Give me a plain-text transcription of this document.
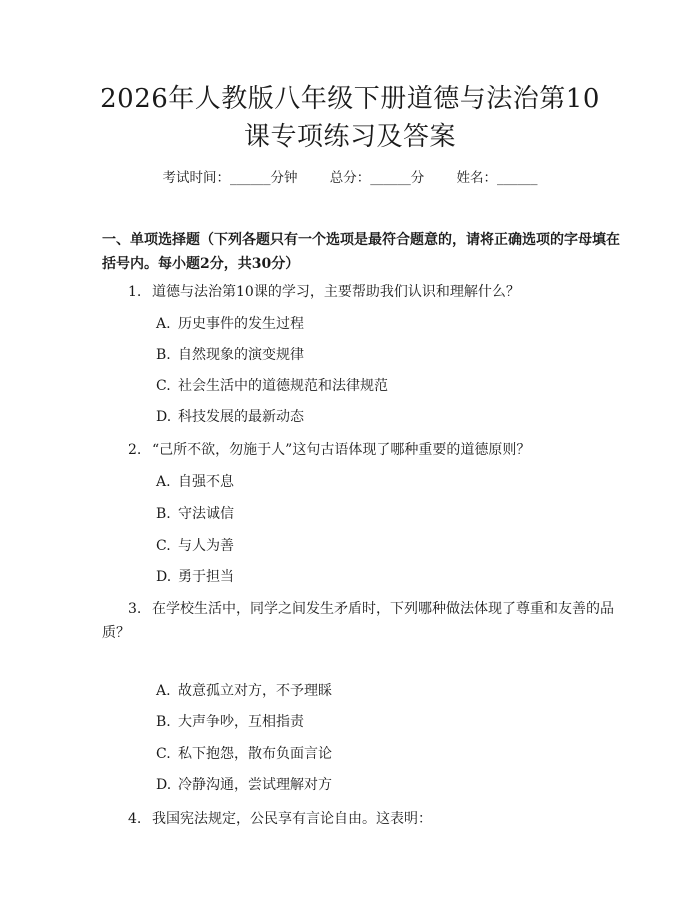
2026年人教版八年级下册道德与法治第10
课专项练习及答案
考试时间：______分钟 总分：______分 姓名：______

一、单项选择题（下列各题只有一个选项是最符合题意的，请将正确选项的字母填在括号内。每小题2分，共30分）

1. 道德与法治第10课的学习，主要帮助我们认识和理解什么？
A. 历史事件的发生过程
B. 自然现象的演变规律
C. 社会生活中的道德规范和法律规范
D. 科技发展的最新动态
2. “己所不欲，勿施于人”这句古语体现了哪种重要的道德原则？
A. 自强不息
B. 守法诚信
C. 与人为善
D. 勇于担当
3. 在学校生活中，同学之间发生矛盾时，下列哪种做法体现了尊重和友善的品质？
A. 故意孤立对方，不予理睬
B. 大声争吵，互相指责
C. 私下抱怨，散布负面言论
D. 冷静沟通，尝试理解对方
4. 我国宪法规定，公民享有言论自由。这表明：
